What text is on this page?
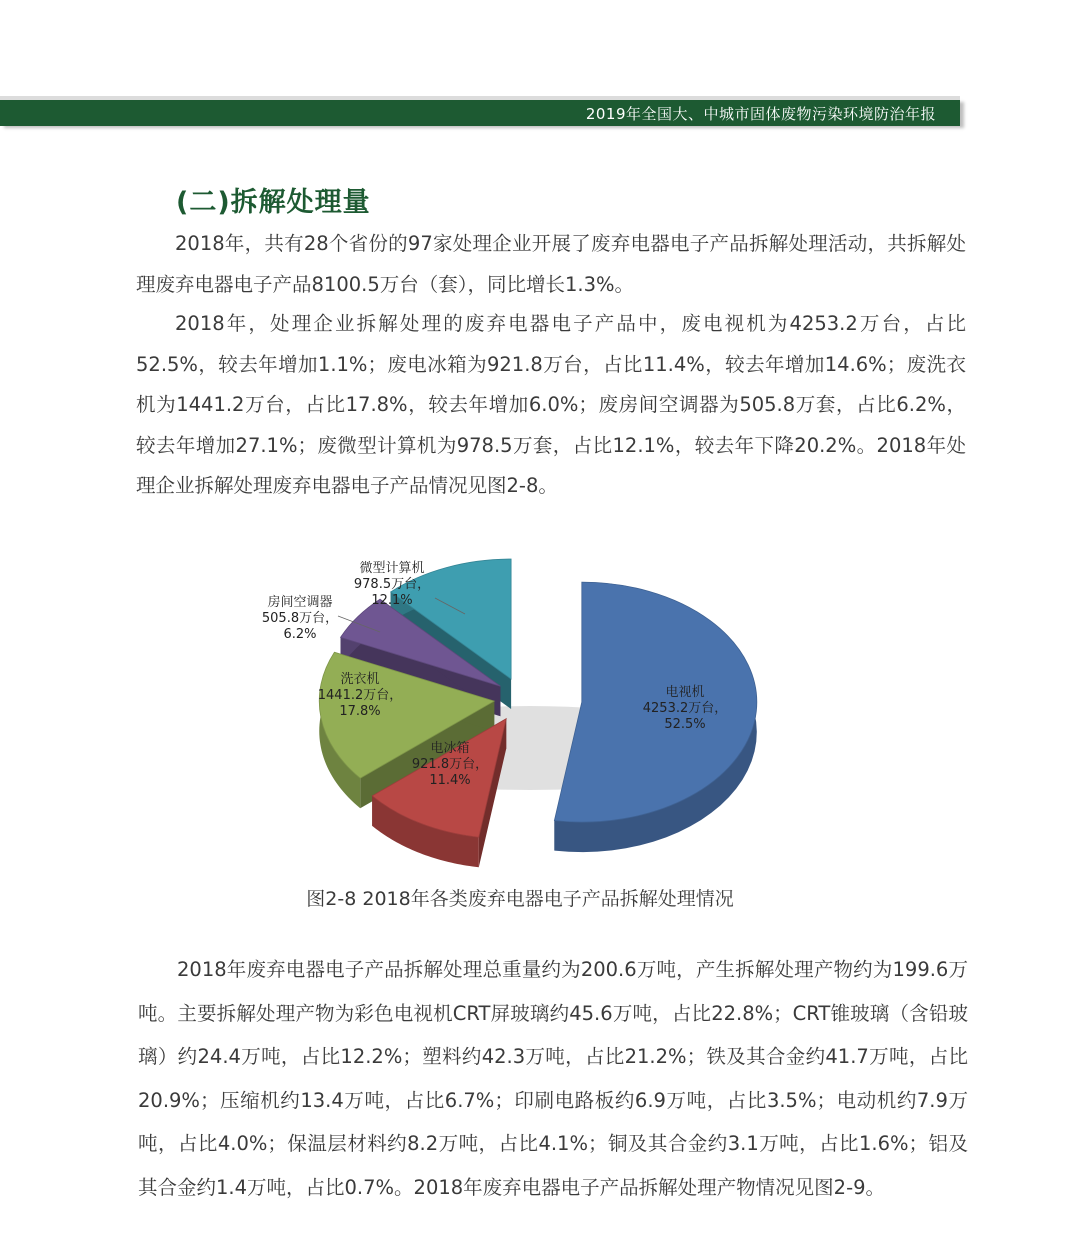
2019年全国大、中城市固体废物污染环境防治年报
(二)拆解处理量

2018年，共有28个省份的97家处理企业开展了废弃电器电子产品拆解处理活动，共拆解处理废弃电器电子产品8100.5万台（套），同比增长1.3%。

2018年，处理企业拆解处理的废弃电器电子产品中，废电视机为4253.2万台，占比52.5%，较去年增加1.1%；废电冰箱为921.8万台，占比11.4%，较去年增加14.6%；废洗衣机为1441.2万台，占比17.8%，较去年增加6.0%；废房间空调器为505.8万套，占比6.2%，较去年增加27.1%；废微型计算机为978.5万套，占比12.1%，较去年下降20.2%。2018年处理企业拆解处理废弃电器电子产品情况见图2-8。

电视机
4253.2万台，
52.5%
电冰箱
921.8万台，
11.4%
洗衣机
1441.2万台，
17.8%
房间空调器
505.8万台，
6.2%
微型计算机
978.5万台，
12.1%
图2-8 2018年各类废弃电器电子产品拆解处理情况

2018年废弃电器电子产品拆解处理总重量约为200.6万吨，产生拆解处理产物约为199.6万吨。主要拆解处理产物为彩色电视机CRT屏玻璃约45.6万吨，占比22.8%；CRT锥玻璃（含铅玻璃）约24.4万吨，占比12.2%；塑料约42.3万吨，占比21.2%；铁及其合金约41.7万吨，占比20.9%；压缩机约13.4万吨，占比6.7%；印刷电路板约6.9万吨，占比3.5%；电动机约7.9万吨，占比4.0%；保温层材料约8.2万吨，占比4.1%；铜及其合金约3.1万吨，占比1.6%；铝及其合金约1.4万吨，占比0.7%。2018年废弃电器电子产品拆解处理产物情况见图2-9。
